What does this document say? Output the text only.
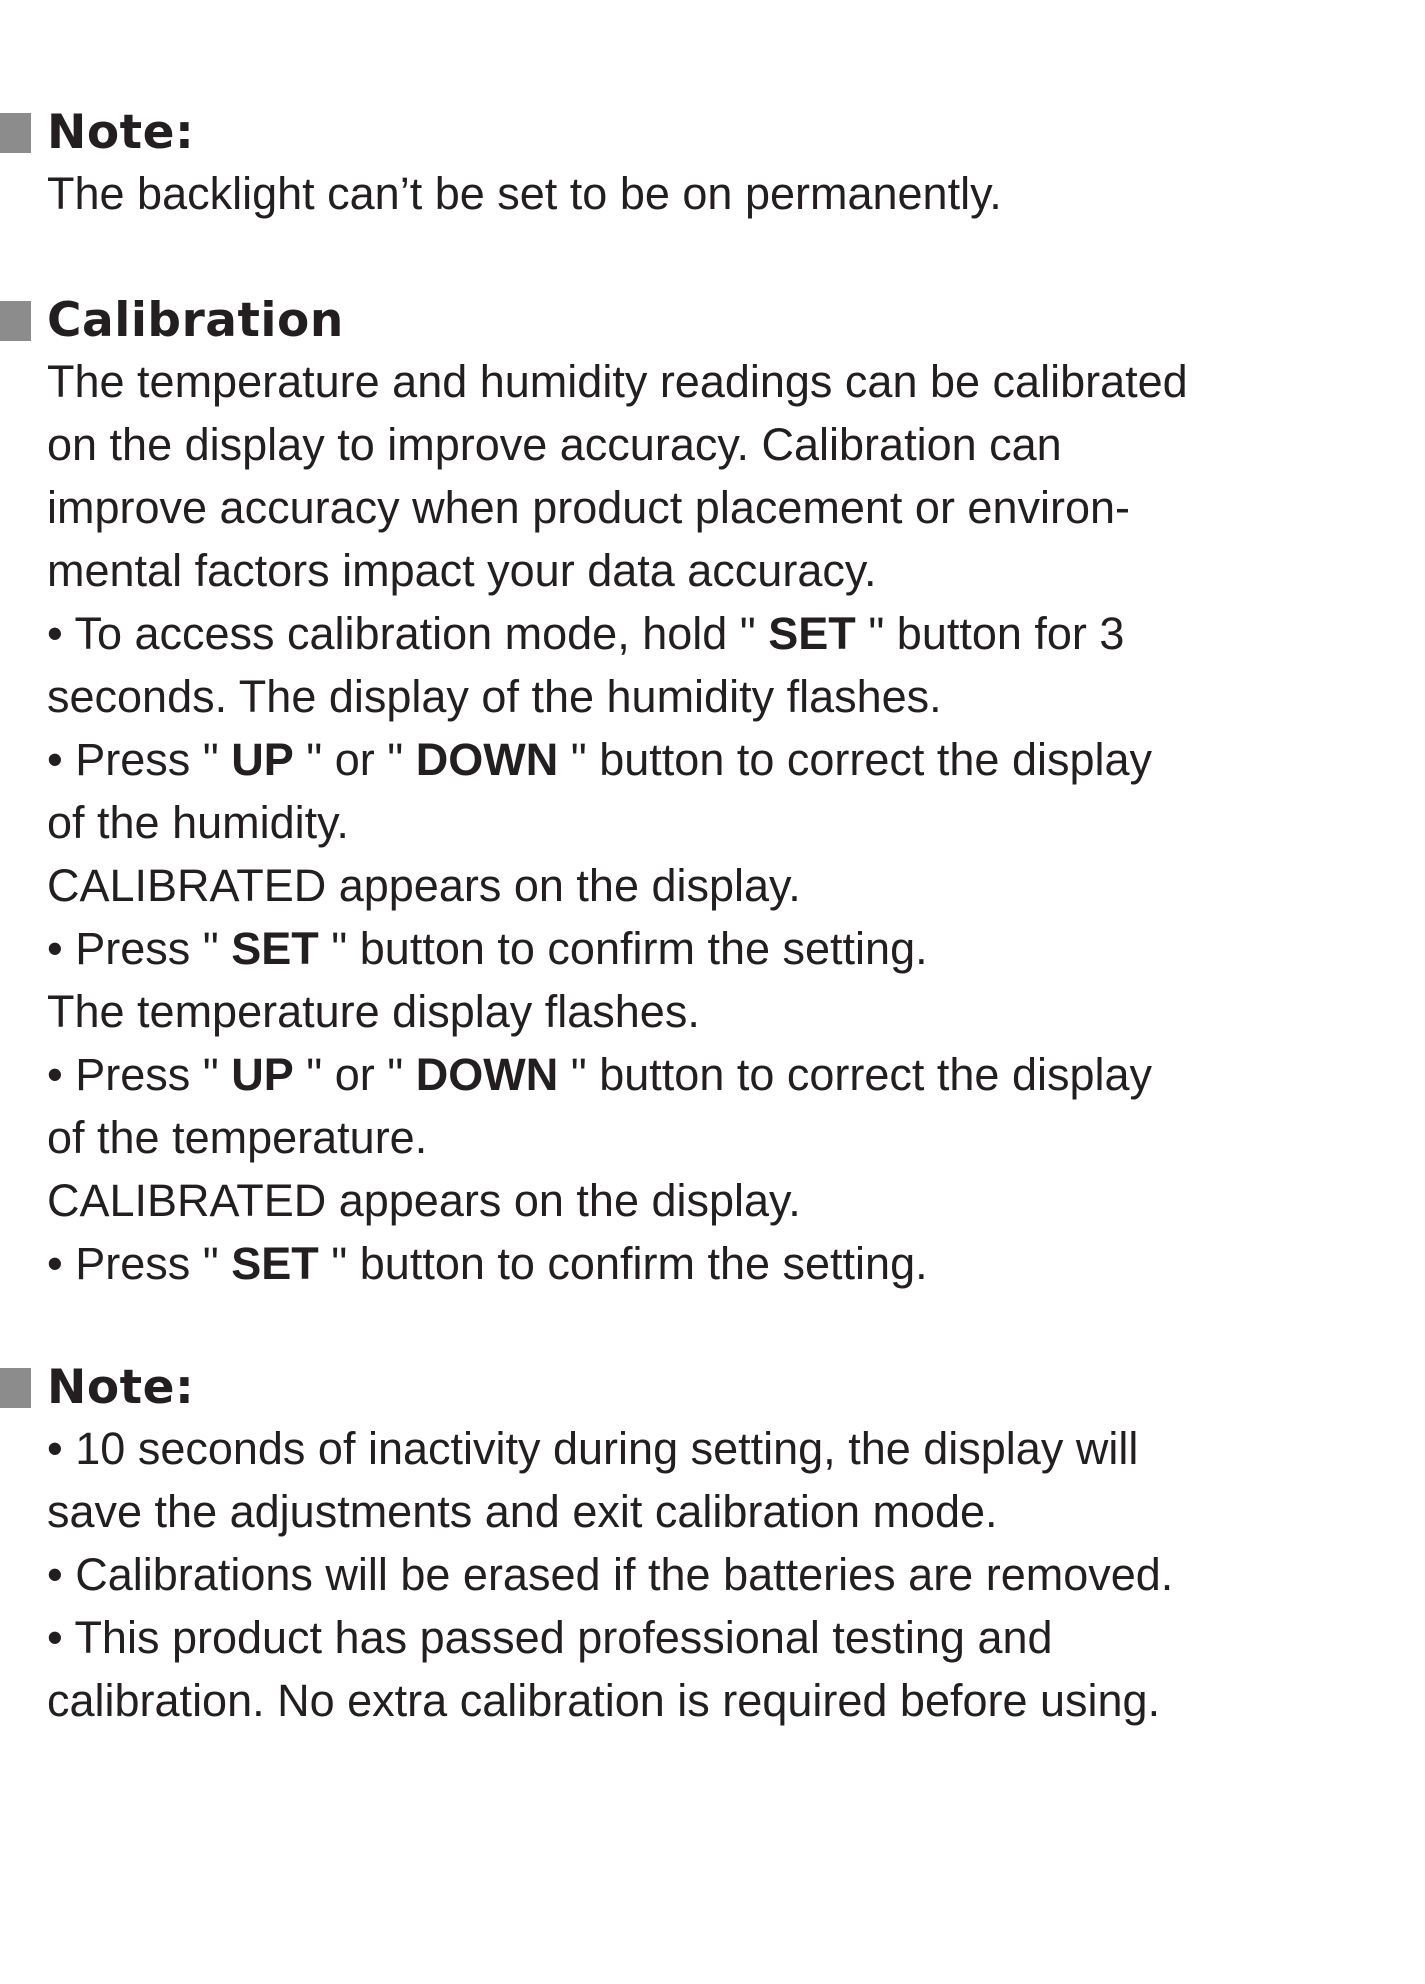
Note:
The backlight can’t be set to be on permanently.
Calibration
The temperature and humidity readings can be calibrated
on the display to improve accuracy. Calibration can
improve accuracy when product placement or environ-
mental factors impact your data accuracy.
• To access calibration mode, hold " SET " button for 3
seconds. The display of the humidity flashes.
• Press " UP " or " DOWN " button to correct the display
of the humidity.
CALIBRATED appears on the display.
• Press " SET " button to confirm the setting.
The temperature display flashes.
• Press " UP " or " DOWN " button to correct the display
of the temperature.
CALIBRATED appears on the display.
• Press " SET " button to confirm the setting.
Note:
• 10 seconds of inactivity during setting, the display will
save the adjustments and exit calibration mode.
• Calibrations will be erased if the batteries are removed.
• This product has passed professional testing and
calibration. No extra calibration is required before using.
